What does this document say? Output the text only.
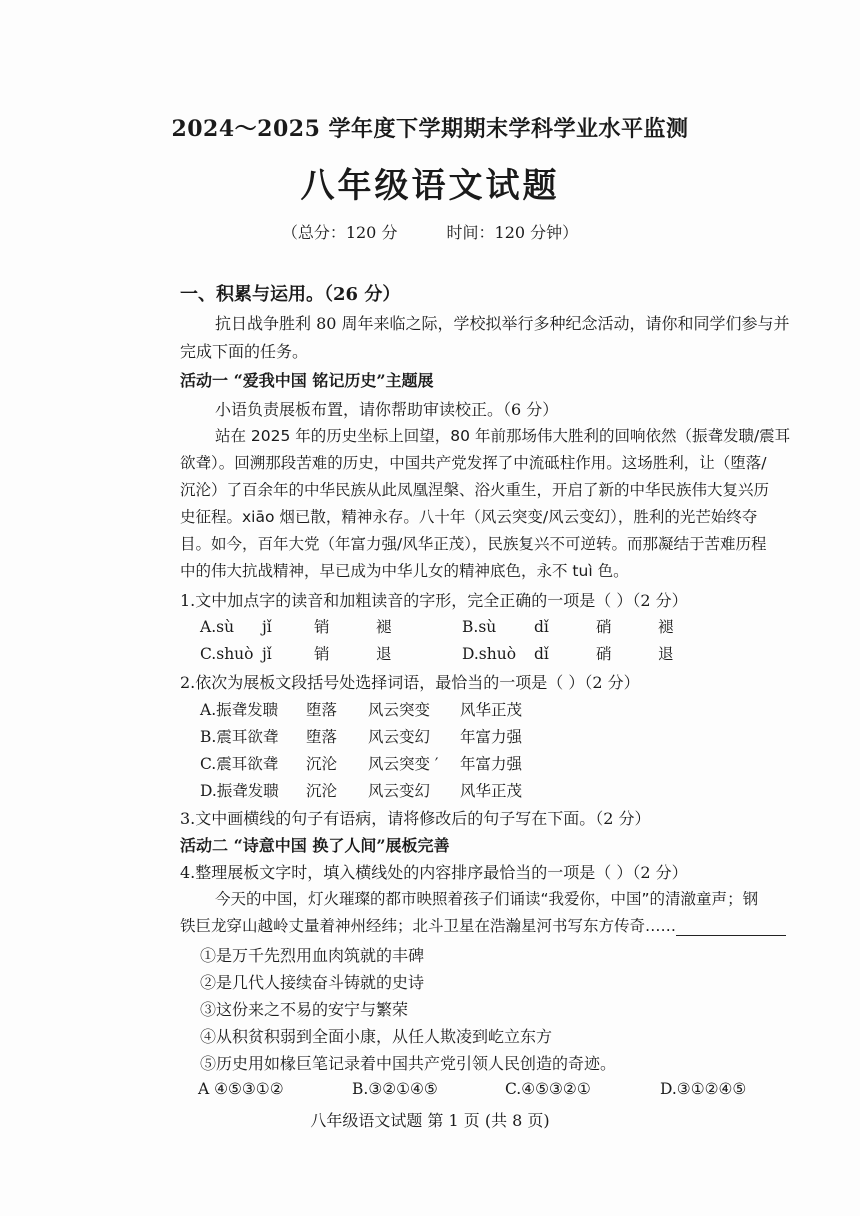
2024～2025 学年度下学期期末学科学业水平监测
八年级语文试题
（总分：120 分	时间：120 分钟）
一、积累与运用。（26 分）
抗日战争胜利 80 周年来临之际，学校拟举行多种纪念活动，请你和同学们参与并
完成下面的任务。
活动一 “爱我中国 铭记历史”主题展
小语负责展板布置，请你帮助审读校正。（6 分）
站在 2025 年的历史坐标上回望，80 年前那场伟大胜利的回响依然（振聋发聩/震耳
欲聋）。回溯那段苦难的历史，中国共产党发挥了中流砥柱作用。这场胜利，让（堕落/
沉沦）了百余年的中华民族从此凤凰涅槃、浴火重生，开启了新的中华民族伟大复兴历
史征程。xiāo 烟已散，精神永存。八十年（风云突变/风云变幻），胜利的光芒始终夺
目。如今，百年大党（年富力强/风华正茂），民族复兴不可逆转。而那凝结于苦难历程
中的伟大抗战精神，早已成为中华儿女的精神底色，永不 tuì 色。
1.文中加点字的读音和加粗读音的字形，完全正确的一项是（ ）（2 分）
A.sù jǐ	销	褪	B.sù dǐ	硝	褪
C.shuò jǐ	销	退	D.shuò dǐ	硝	退
2.依次为展板文段括号处选择词语，最恰当的一项是（ ）（2 分）
A.振聋发聩 堕落 风云突变 风华正茂
B.震耳欲聋 堕落 风云变幻 年富力强
C.震耳欲聋 沉沦 风云突变 ′ 年富力强
D.振聋发聩 沉沦 风云变幻 风华正茂
3.文中画横线的句子有语病，请将修改后的句子写在下面。（2 分）
活动二 “诗意中国 换了人间”展板完善
4.整理展板文字时，填入横线处的内容排序最恰当的一项是（ ）（2 分）
今天的中国，灯火璀璨的都市映照着孩子们诵读“我爱你，中国”的清澈童声；钢
铁巨龙穿山越岭丈量着神州经纬；北斗卫星在浩瀚星河书写东方传奇……
①是万千先烈用血肉筑就的丰碑
②是几代人接续奋斗铸就的史诗
③这份来之不易的安宁与繁荣
④从积贫积弱到全面小康，从任人欺凌到屹立东方
⑤历史用如椽巨笔记录着中国共产党引领人民创造的奇迹。
A ④⑤③①②	B.③②①④⑤	C.④⑤③②①	D.③①②④⑤
八年级语文试题 第 1 页 (共 8 页)
